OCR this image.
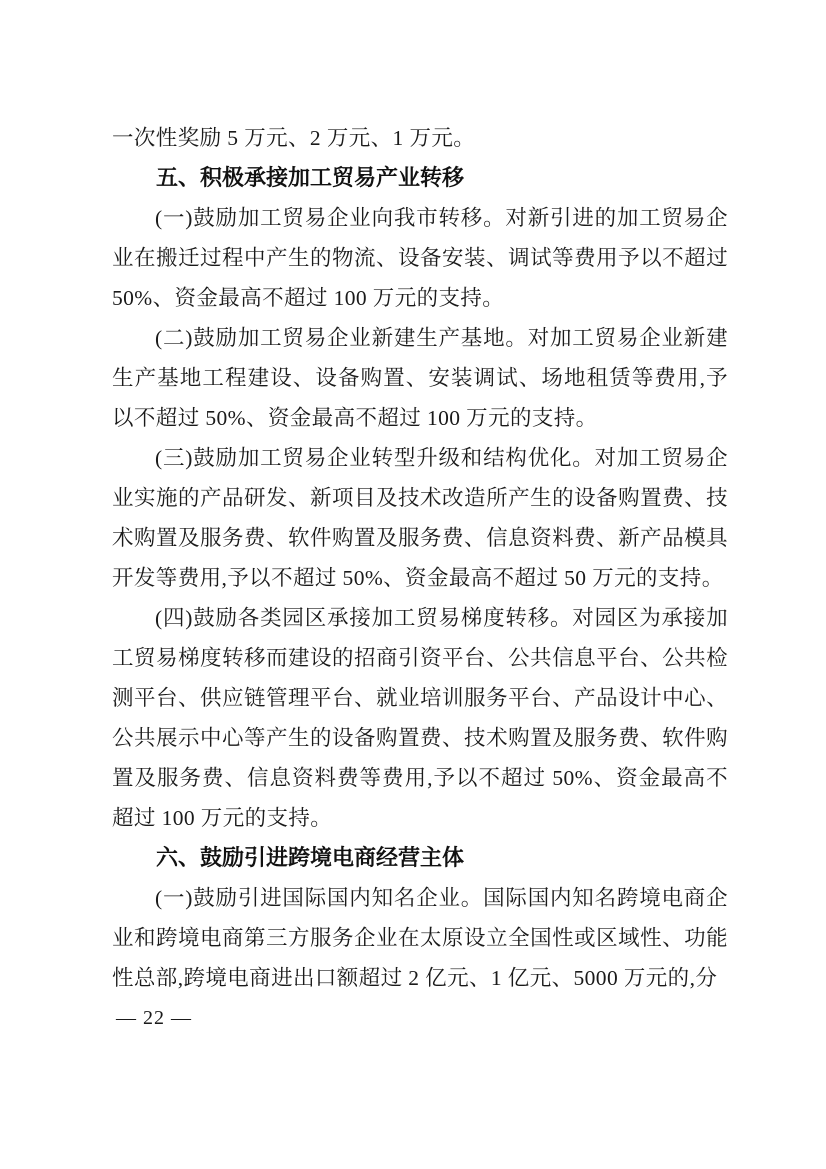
一次性奖励 5 万元、2 万元、1 万元。

五、积极承接加工贸易产业转移

(一)鼓励加工贸易企业向我市转移。对新引进的加工贸易企业在搬迁过程中产生的物流、设备安装、调试等费用予以不超过 50%、资金最高不超过 100 万元的支持。

(二)鼓励加工贸易企业新建生产基地。对加工贸易企业新建生产基地工程建设、设备购置、安装调试、场地租赁等费用,予以不超过 50%、资金最高不超过 100 万元的支持。

(三)鼓励加工贸易企业转型升级和结构优化。对加工贸易企业实施的产品研发、新项目及技术改造所产生的设备购置费、技术购置及服务费、软件购置及服务费、信息资料费、新产品模具开发等费用,予以不超过 50%、资金最高不超过 50 万元的支持。

(四)鼓励各类园区承接加工贸易梯度转移。对园区为承接加工贸易梯度转移而建设的招商引资平台、公共信息平台、公共检测平台、供应链管理平台、就业培训服务平台、产品设计中心、公共展示中心等产生的设备购置费、技术购置及服务费、软件购置及服务费、信息资料费等费用,予以不超过 50%、资金最高不超过 100 万元的支持。

六、鼓励引进跨境电商经营主体

(一)鼓励引进国际国内知名企业。国际国内知名跨境电商企业和跨境电商第三方服务企业在太原设立全国性或区域性、功能性总部,跨境电商进出口额超过 2 亿元、1 亿元、5000 万元的,分

— 22 —
